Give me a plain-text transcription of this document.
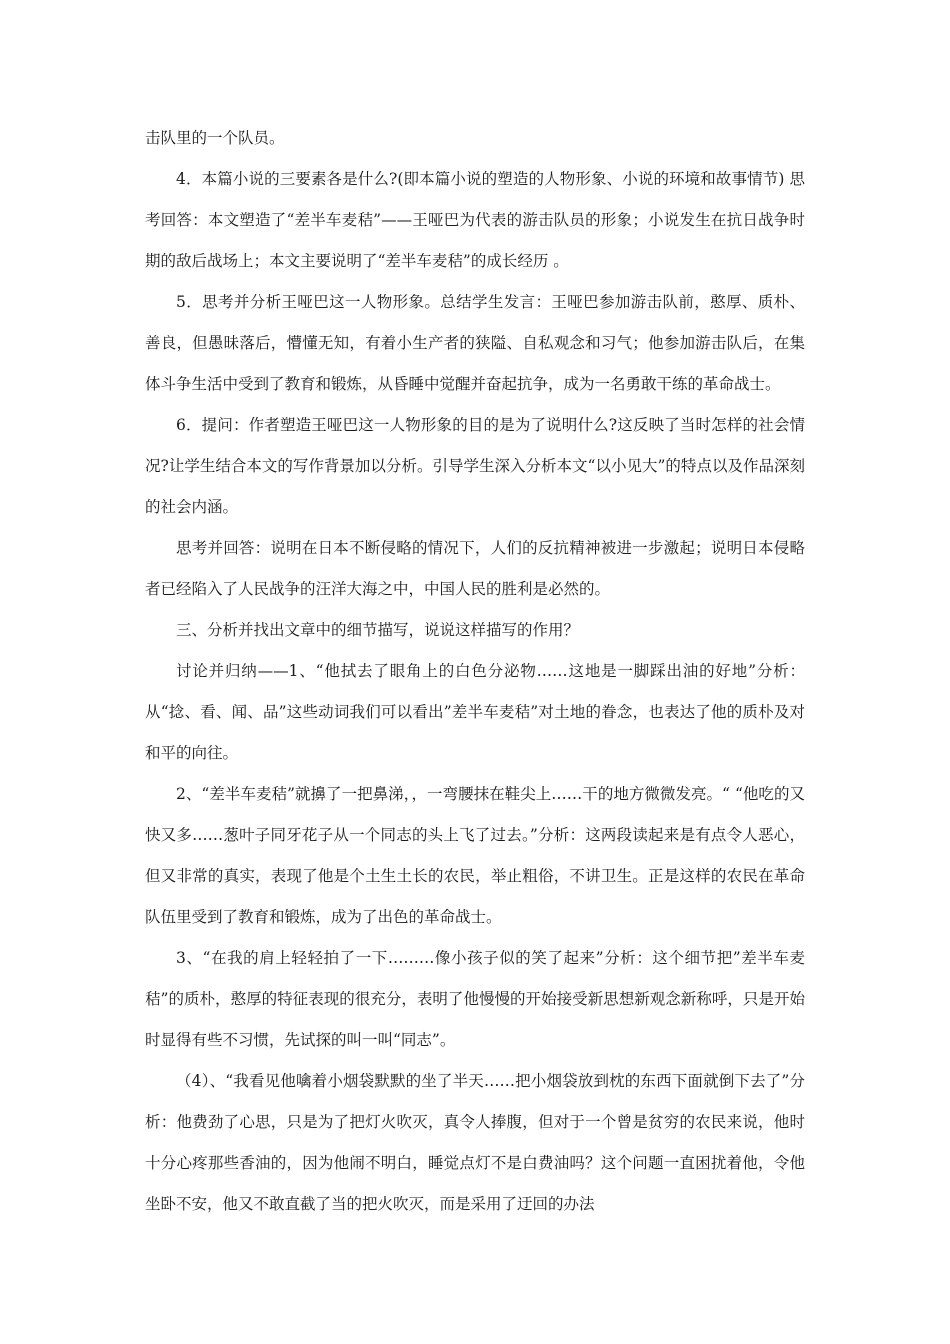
击队里的一个队员。

4．本篇小说的三要素各是什么?(即本篇小说的塑造的人物形象、小说的环境和故事情节) 思考回答：本文塑造了“差半车麦秸”——王哑巴为代表的游击队员的形象；小说发生在抗日战争时期的敌后战场上；本文主要说明了“差半车麦秸”的成长经历 。

5．思考并分析王哑巴这一人物形象。总结学生发言：王哑巴参加游击队前，憨厚、质朴、善良，但愚昧落后，懵懂无知，有着小生产者的狭隘、自私观念和习气；他参加游击队后，在集体斗争生活中受到了教育和锻炼，从昏睡中觉醒并奋起抗争，成为一名勇敢干练的革命战士。

6．提问：作者塑造王哑巴这一人物形象的目的是为了说明什么?这反映了当时怎样的社会情况?让学生结合本文的写作背景加以分析。引导学生深入分析本文“以小见大”的特点以及作品深刻的社会内涵。

思考并回答：说明在日本不断侵略的情况下，人们的反抗精神被进一步激起；说明日本侵略者已经陷入了人民战争的汪洋大海之中，中国人民的胜利是必然的。

三、分析并找出文章中的细节描写，说说这样描写的作用？

讨论并归纳——1、“他拭去了眼角上的白色分泌物……这地是一脚踩出油的好地”分析：从“捻、看、闻、品”这些动词我们可以看出”差半车麦秸”对土地的眷念，也表达了他的质朴及对和平的向往。

2、“差半车麦秸”就擤了一把鼻涕，，一弯腰抹在鞋尖上……干的地方微微发亮。“ “他吃的又快又多……葱叶子同牙花子从一个同志的头上飞了过去。”分析：这两段读起来是有点令人恶心，但又非常的真实，表现了他是个土生土长的农民，举止粗俗，不讲卫生。正是这样的农民在革命队伍里受到了教育和锻炼，成为了出色的革命战士。

3、“在我的肩上轻轻拍了一下………像小孩子似的笑了起来”分析：这个细节把”差半车麦秸”的质朴，憨厚的特征表现的很充分，表明了他慢慢的开始接受新思想新观念新称呼，只是开始时显得有些不习惯，先试探的叫一叫“同志”。

（4）、“我看见他噙着小烟袋默默的坐了半天……把小烟袋放到枕的东西下面就倒下去了”分析：他费劲了心思，只是为了把灯火吹灭，真令人捧腹，但对于一个曾是贫穷的农民来说，他时十分心疼那些香油的，因为他闹不明白，睡觉点灯不是白费油吗？这个问题一直困扰着他，令他坐卧不安，他又不敢直截了当的把火吹灭，而是采用了迂回的办法
